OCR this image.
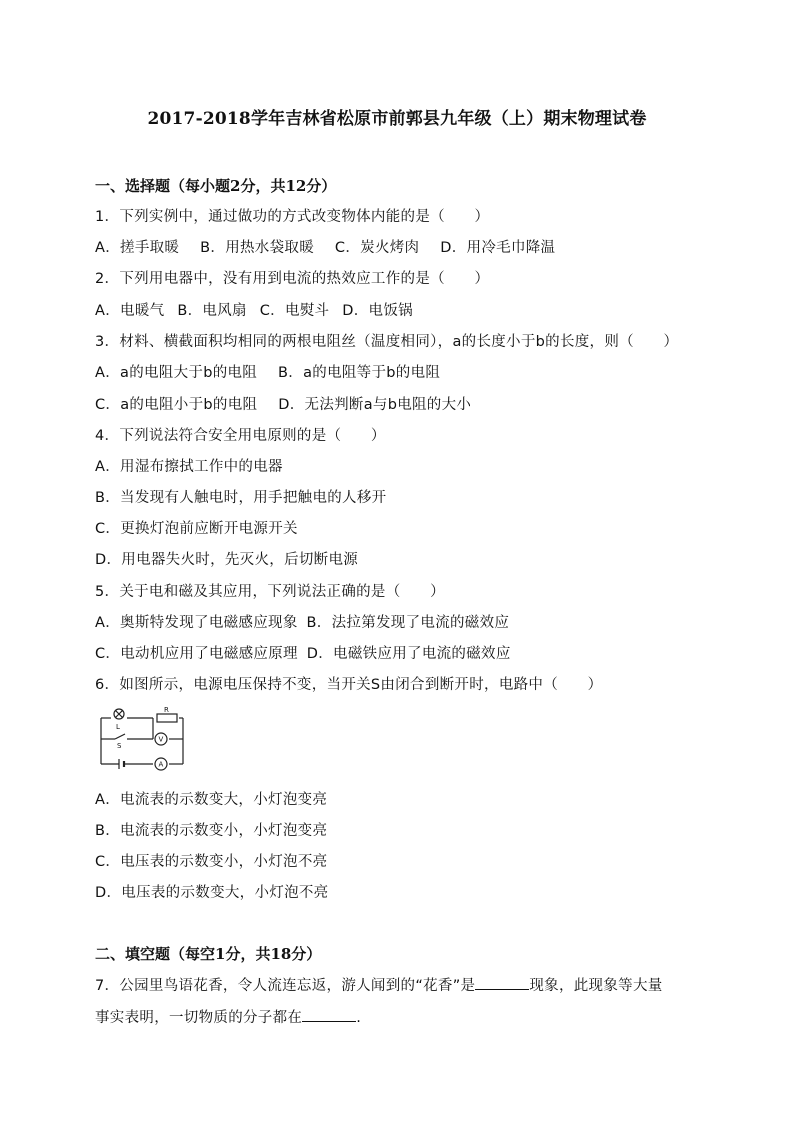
2017-2018学年吉林省松原市前郭县九年级（上）期末物理试卷
一、选择题（每小题2分，共12分）
1．下列实例中，通过做功的方式改变物体内能的是（　　）
A．搓手取暖 B．用热水袋取暖 C．炭火烤肉 D．用冷毛巾降温
2．下列用电器中，没有用到电流的热效应工作的是（　　）
A．电暖气 B．电风扇 C．电熨斗 D．电饭锅
3．材料、横截面积均相同的两根电阻丝（温度相同），a的长度小于b的长度，则（　　）
A．a的电阻大于b的电阻 B．a的电阻等于b的电阻
C．a的电阻小于b的电阻 D．无法判断a与b电阻的大小
4．下列说法符合安全用电原则的是（　　）
A．用湿布擦拭工作中的电器
B．当发现有人触电时，用手把触电的人移开
C．更换灯泡前应断开电源开关
D．用电器失火时，先灭火，后切断电源
5．关于电和磁及其应用，下列说法正确的是（　　）
A．奥斯特发现了电磁感应现象 B．法拉第发现了电流的磁效应
C．电动机应用了电磁感应原理 D．电磁铁应用了电流的磁效应
6．如图所示，电源电压保持不变，当开关S由闭合到断开时，电路中（　　）
L
R
S
V
A
A．电流表的示数变大，小灯泡变亮
B．电流表的示数变小，小灯泡变亮
C．电压表的示数变小，小灯泡不亮
D．电压表的示数变大，小灯泡不亮
二、填空题（每空1分，共18分）
7．公园里鸟语花香，令人流连忘返，游人闻到的“花香”是	现象，此现象等大量
事实表明，一切物质的分子都在	.
